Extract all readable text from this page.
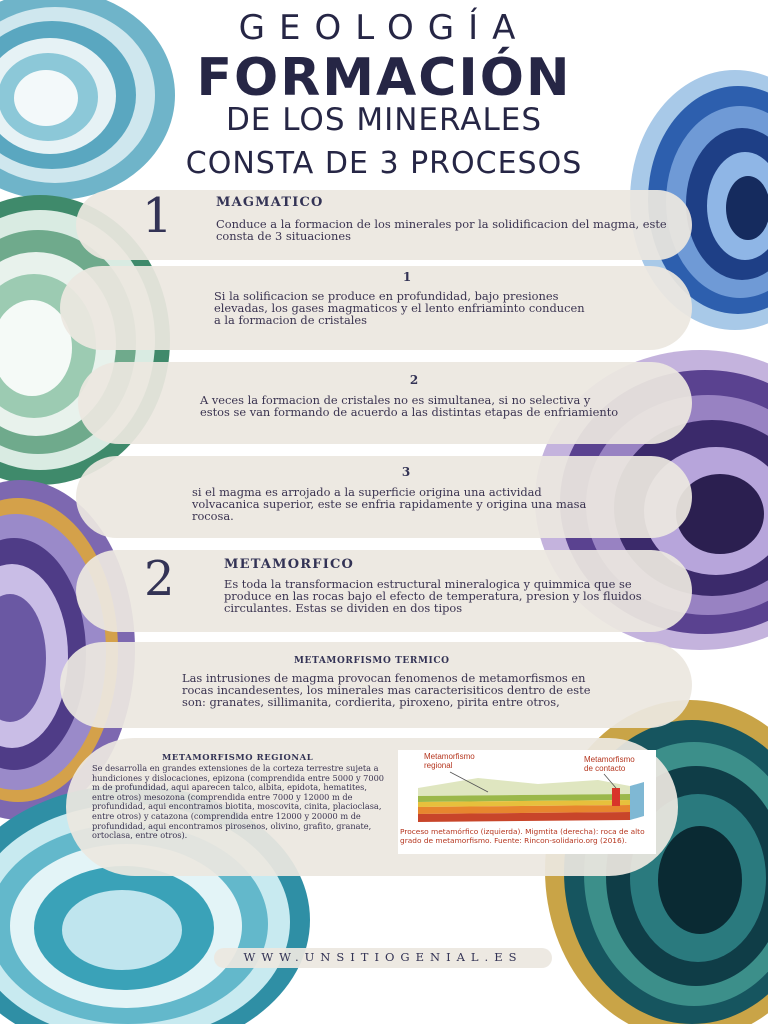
GEOLOGÍA
FORMACIÓN
DE LOS MINERALES
CONSTA DE 3 PROCESOS
1	MAGMATICO
Conduce a la formacion de los minerales por la solidificacion del magma, este consta de 3 situaciones
1
Si la solificacion se produce en profundidad, bajo presiones elevadas, los gases magmaticos y el lento enfriaminto conducen a la formacion de cristales
2
A veces la formacion de cristales no es simultanea, si no selectiva y estos se van formando de acuerdo a las distintas etapas de enfriamiento
3
si el magma es arrojado a la superficie origina una actividad volvacanica superior, este se enfria rapidamente y origina una masa rocosa.
2	METAMORFICO
Es toda la transformacion estructural mineralogica y quimmica que se produce en las rocas bajo el efecto de temperatura, presion y los fluidos circulantes. Estas se dividen en dos tipos
METAMORFISMO TERMICO
Las intrusiones de magma provocan fenomenos de metamorfismos en rocas incandesentes, los minerales mas caracterisiticos dentro de este son: granates, sillimanita, cordierita, piroxeno, pirita entre otros,
METAMORFISMO REGIONAL
Se desarrolla en grandes extensiones de la corteza terrestre sujeta a hundiciones y dislocaciones, epizona (comprendida entre 5000 y 7000 m de profundidad, aqui aparecen talco, albita, epidota, hematites, entre otros) mesozona (comprendida entre 7000 y 12000 m de profundidad, aqui encontramos biotita, moscovita, cinita, placioclasa, entre otros) y catazona (comprendida entre 12000 y 20000 m de profundidad, aqui encontramos pirosenos, olivino, grafito, granate, ortoclasa, entre otros).
Metamorfismo
regional
Metamorfismo
de contacto
Proceso metamórfico (izquierda). Migmtita (derecha): roca de alto grado de metamorfismo. Fuente: Rincon-solidario.org (2016).
WWW.UNSITIOGENIAL.ES
